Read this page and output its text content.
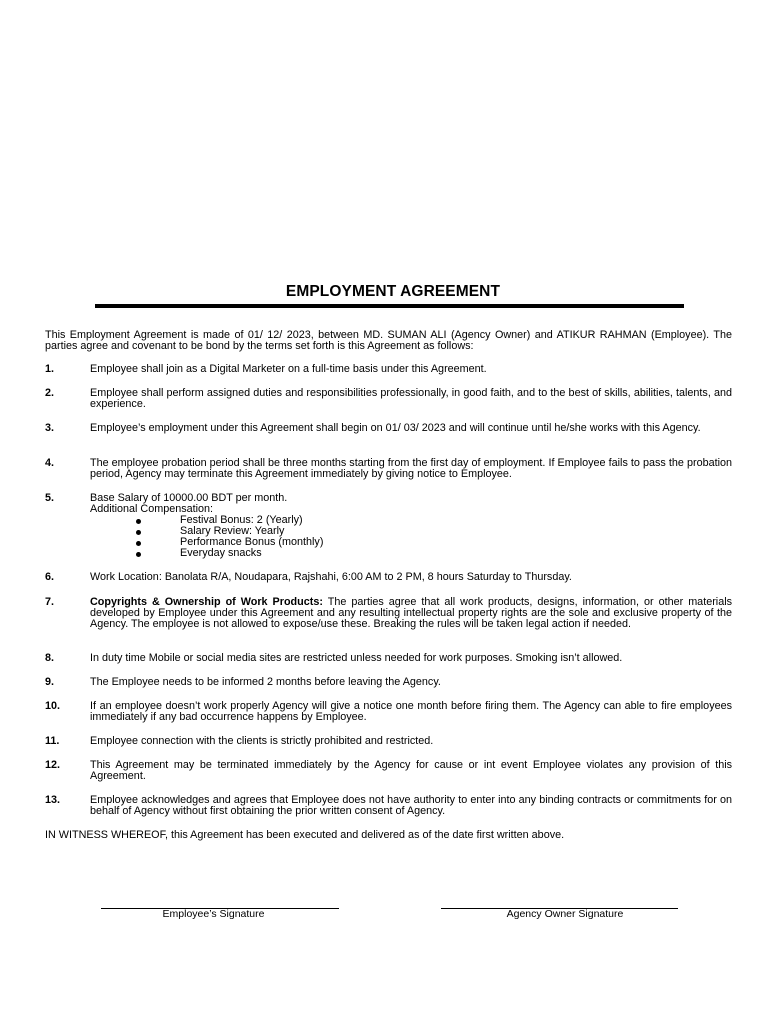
EMPLOYMENT AGREEMENT
This Employment Agreement is made of 01/ 12/ 2023, between MD. SUMAN ALI (Agency Owner) and ATIKUR RAHMAN (Employee). The parties agree and covenant to be bond by the terms set forth is this Agreement as follows:
1.	Employee shall join as a Digital Marketer on a full-time basis under this Agreement.
2.	Employee shall perform assigned duties and responsibilities professionally, in good faith, and to the best of skills, abilities, talents, and experience.
3.	Employee’s employment under this Agreement shall begin on 01/ 03/ 2023 and will continue until he/she works with this Agency.
4.	The employee probation period shall be three months starting from the first day of employment. If Employee fails to pass the probation period, Agency may terminate this Agreement immediately by giving notice to Employee.
5.	Base Salary of 10000.00 BDT per month.
Additional Compensation:
Festival Bonus: 2 (Yearly)
Salary Review: Yearly
Performance Bonus (monthly)
Everyday snacks
6.	Work Location: Banolata R/A, Noudapara, Rajshahi, 6:00 AM to 2 PM, 8 hours Saturday to Thursday.
7.	Copyrights & Ownership of Work Products: The parties agree that all work products, designs, information, or other materials developed by Employee under this Agreement and any resulting intellectual property rights are the sole and exclusive property of the Agency. The employee is not allowed to expose/use these. Breaking the rules will be taken legal action if needed.
8.	In duty time Mobile or social media sites are restricted unless needed for work purposes. Smoking isn’t allowed.
9.	The Employee needs to be informed 2 months before leaving the Agency.
10.	If an employee doesn’t work properly Agency will give a notice one month before firing them. The Agency can able to fire employees immediately if any bad occurrence happens by Employee.
11.	Employee connection with the clients is strictly prohibited and restricted.
12.	This Agreement may be terminated immediately by the Agency for cause or int event Employee violates any provision of this Agreement.
13.	Employee acknowledges and agrees that Employee does not have authority to enter into any binding contracts or commitments for on behalf of Agency without first obtaining the prior written consent of Agency.
IN WITNESS WHEREOF, this Agreement has been executed and delivered as of the date first written above.
Employee’s Signature	Agency Owner Signature
